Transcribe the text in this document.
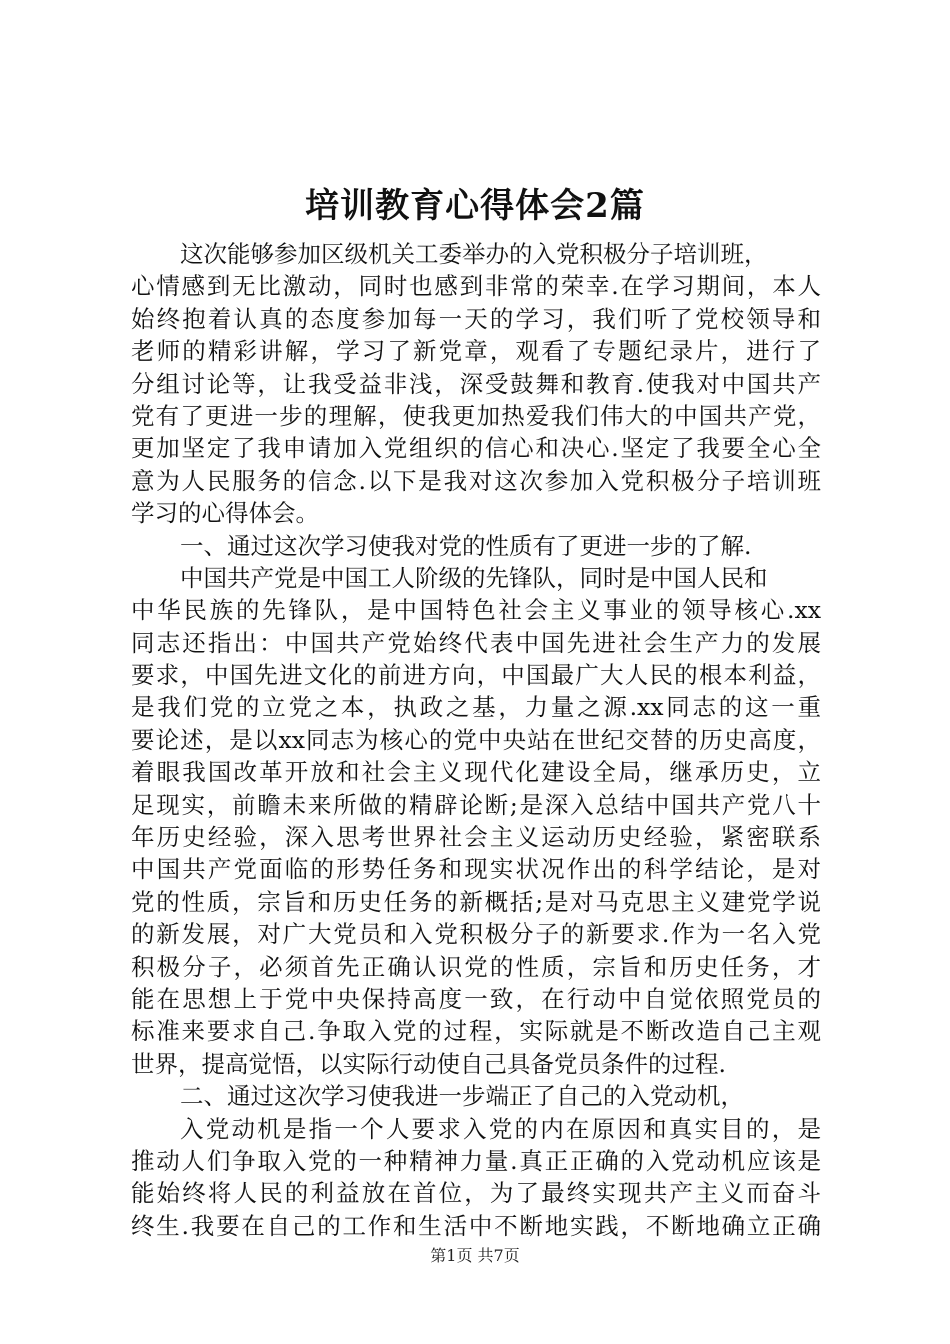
培训教育心得体会2篇
这次能够参加区级机关工委举办的入党积极分子培训班，
心情感到无比激动，同时也感到非常的荣幸.在学习期间，本人
始终抱着认真的态度参加每一天的学习，我们听了党校领导和
老师的精彩讲解，学习了新党章，观看了专题纪录片，进行了
分组讨论等，让我受益非浅，深受鼓舞和教育.使我对中国共产
党有了更进一步的理解，使我更加热爱我们伟大的中国共产党，
更加坚定了我申请加入党组织的信心和决心.坚定了我要全心全
意为人民服务的信念.以下是我对这次参加入党积极分子培训班
学习的心得体会。
一、通过这次学习使我对党的性质有了更进一步的了解.
中国共产党是中国工人阶级的先锋队，同时是中国人民和
中华民族的先锋队，是中国特色社会主义事业的领导核心.xx
同志还指出：中国共产党始终代表中国先进社会生产力的发展
要求，中国先进文化的前进方向，中国最广大人民的根本利益，
是我们党的立党之本，执政之基，力量之源.xx同志的这一重
要论述，是以xx同志为核心的党中央站在世纪交替的历史高度，
着眼我国改革开放和社会主义现代化建设全局，继承历史，立
足现实，前瞻未来所做的精辟论断;是深入总结中国共产党八十
年历史经验，深入思考世界社会主义运动历史经验，紧密联系
中国共产党面临的形势任务和现实状况作出的科学结论，是对
党的性质，宗旨和历史任务的新概括;是对马克思主义建党学说
的新发展，对广大党员和入党积极分子的新要求.作为一名入党
积极分子，必须首先正确认识党的性质，宗旨和历史任务，才
能在思想上于党中央保持高度一致，在行动中自觉依照党员的
标准来要求自己.争取入党的过程，实际就是不断改造自己主观
世界，提高觉悟，以实际行动使自己具备党员条件的过程.
二、通过这次学习使我进一步端正了自己的入党动机，
入党动机是指一个人要求入党的内在原因和真实目的，是
推动人们争取入党的一种精神力量.真正正确的入党动机应该是
能始终将人民的利益放在首位，为了最终实现共产主义而奋斗
终生.我要在自己的工作和生活中不断地实践，不断地确立正确
第1页 共7页
